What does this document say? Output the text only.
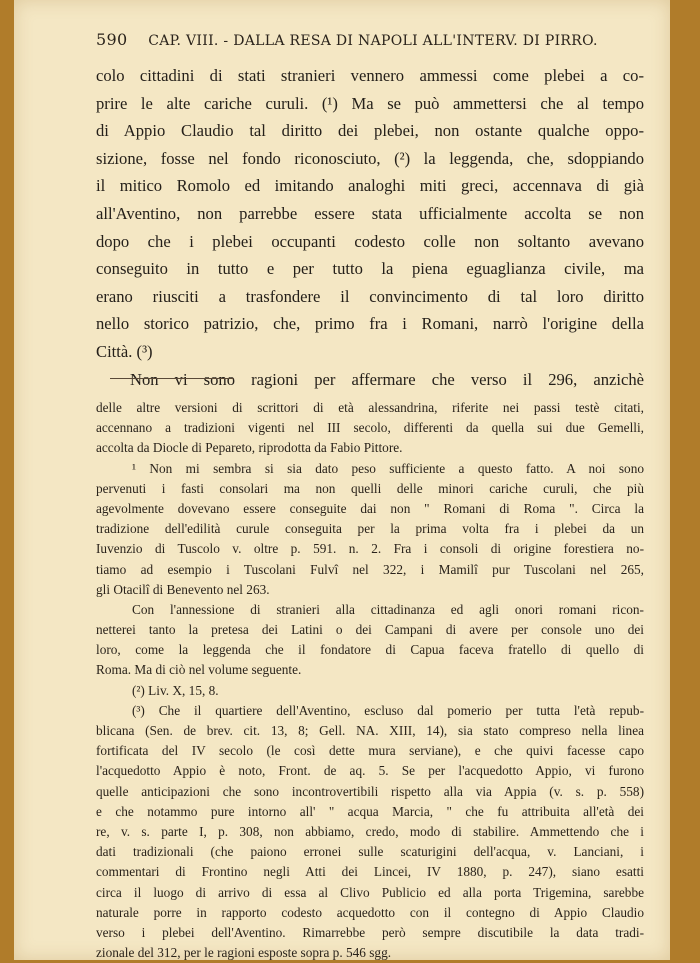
590 CAP. VIII. - DALLA RESA DI NAPOLI ALL'INTERV. DI PIRRO.
colo cittadini di stati stranieri vennero ammessi come plebei a co-
prire le alte cariche curuli. (¹) Ma se può ammettersi che al tempo
di Appio Claudio tal diritto dei plebei, non ostante qualche oppo-
sizione, fosse nel fondo riconosciuto, (²) la leggenda, che, sdoppiando
il mitico Romolo ed imitando analoghi miti greci, accennava di già
all'Aventino, non parrebbe essere stata ufficialmente accolta se non
dopo che i plebei occupanti codesto colle non soltanto avevano
conseguito in tutto e per tutto la piena eguaglianza civile, ma
erano riusciti a trasfondere il convincimento di tal loro diritto
nello storico patrizio, che, primo fra i Romani, narrò l'origine della
Città. (³)
Non vi sono ragioni per affermare che verso il 296, anzichè
delle altre versioni di scrittori di età alessandrina, riferite nei passi testè citati,
accennano a tradizioni vigenti nel III secolo, differenti da quella sui due Gemelli,
accolta da Diocle di Pepareto, riprodotta da Fabio Pittore.
¹ Non mi sembra si sia dato peso sufficiente a questo fatto. A noi sono
pervenuti i fasti consolari ma non quelli delle minori cariche curuli, che più
agevolmente dovevano essere conseguite dai non " Romani di Roma ". Circa la
tradizione dell'edilità curule conseguita per la prima volta fra i plebei da un
Iuvenzio di Tuscolo v. oltre p. 591. n. 2. Fra i consoli di origine forestiera no-
tiamo ad esempio i Tuscolani Fulvî nel 322, i Mamilî pur Tuscolani nel 265,
gli Otacilî di Benevento nel 263.
Con l'annessione di stranieri alla cittadinanza ed agli onori romani ricon-
netterei tanto la pretesa dei Latini o dei Campani di avere per console uno dei
loro, come la leggenda che il fondatore di Capua faceva fratello di quello di
Roma. Ma di ciò nel volume seguente.
(²) Liv. X, 15, 8.
(³) Che il quartiere dell'Aventino, escluso dal pomerio per tutta l'età repub-
blicana (Sen. de brev. cit. 13, 8; Gell. NA. XIII, 14), sia stato compreso nella linea
fortificata del IV secolo (le così dette mura serviane), e che quivi facesse capo
l'acquedotto Appio è noto, Front. de aq. 5. Se per l'acquedotto Appio, vi furono
quelle anticipazioni che sono incontrovertibili rispetto alla via Appia (v. s. p. 558)
e che notammo pure intorno all' " acqua Marcia, " che fu attribuita all'età dei
re, v. s. parte I, p. 308, non abbiamo, credo, modo di stabilire. Ammettendo che i
dati tradizionali (che paiono erronei sulle scaturigini dell'acqua, v. Lanciani, i
commentari di Frontino negli Atti dei Lincei, IV 1880, p. 247), siano esatti
circa il luogo di arrivo di essa al Clivo Publicio ed alla porta Trigemina, sarebbe
naturale porre in rapporto codesto acquedotto con il contegno di Appio Claudio
verso i plebei dell'Aventino. Rimarrebbe però sempre discutibile la data tradi-
zionale del 312, per le ragioni esposte sopra p. 546 sgg.
